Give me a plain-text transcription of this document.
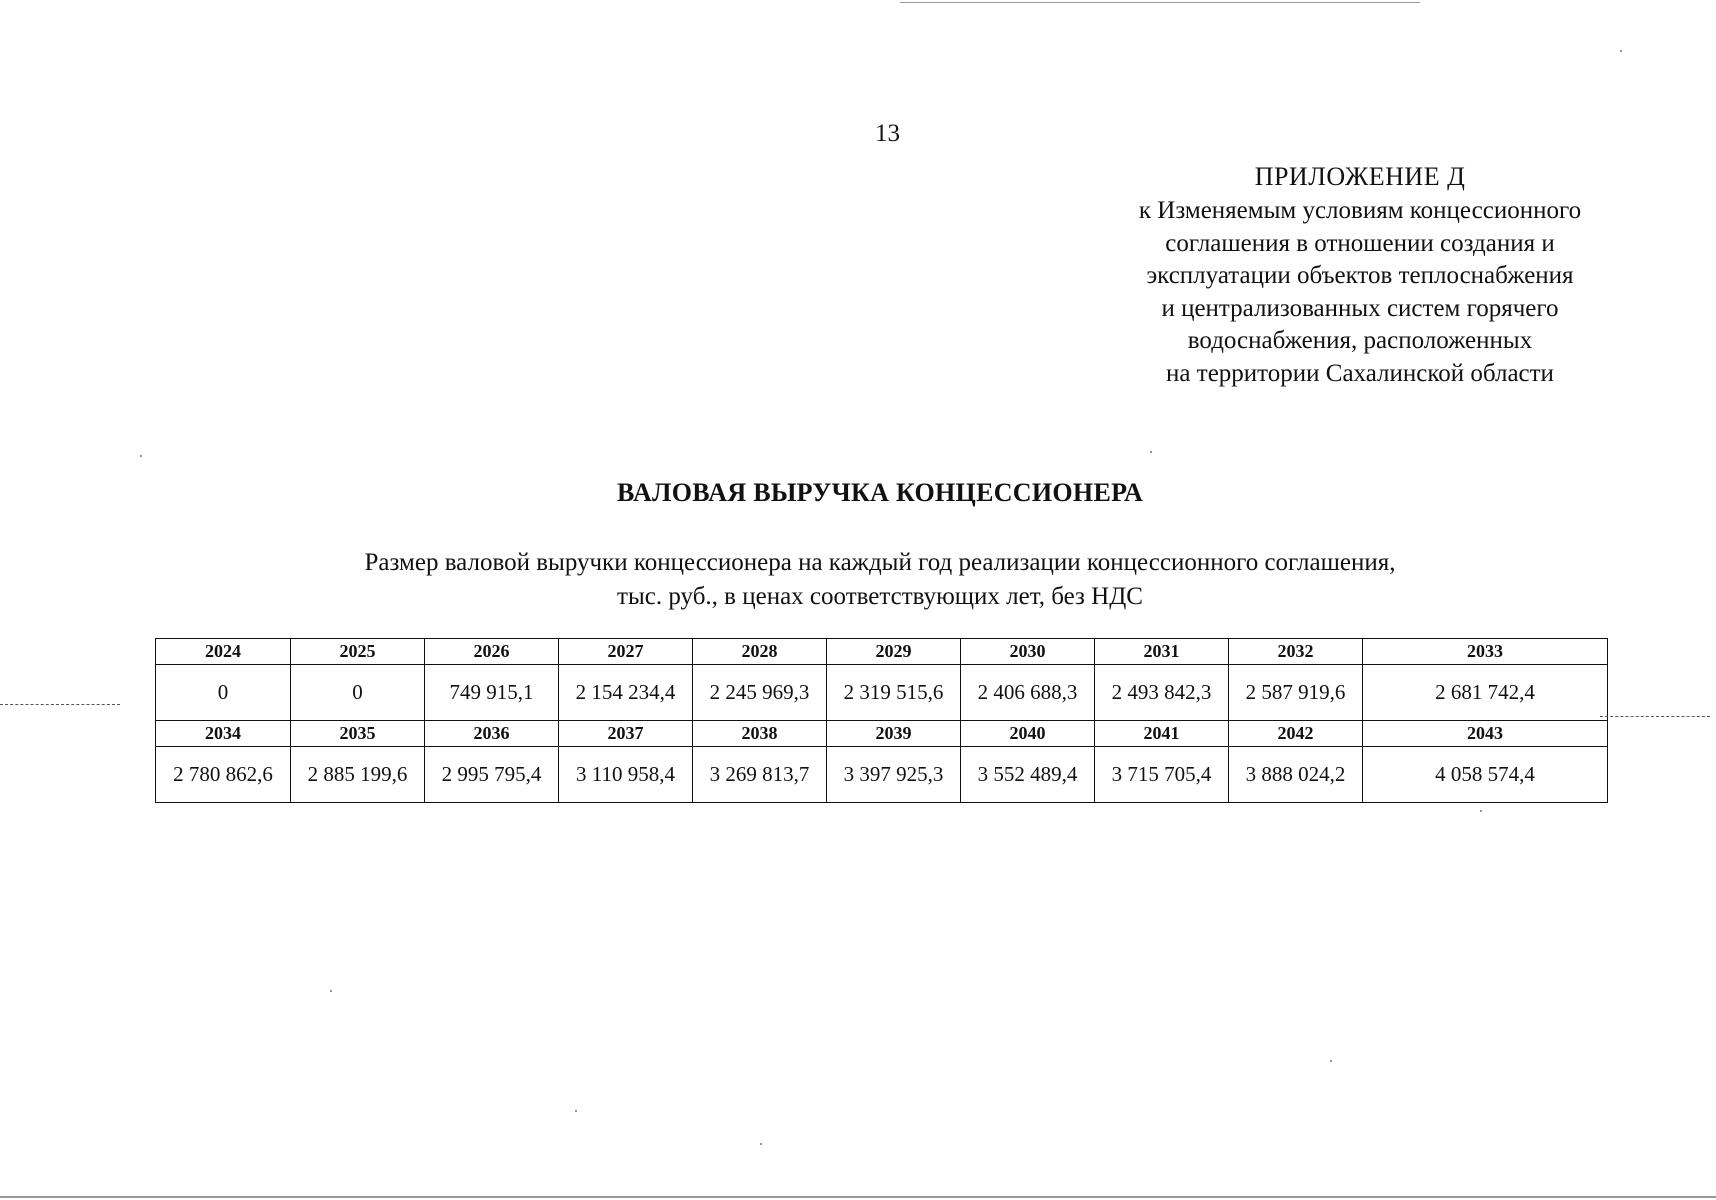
13
ПРИЛОЖЕНИЕ Д
к Изменяемым условиям концессионного
соглашения в отношении создания и
эксплуатации объектов теплоснабжения
и централизованных систем горячего
водоснабжения, расположенных
на территории Сахалинской области
ВАЛОВАЯ ВЫРУЧКА КОНЦЕССИОНЕРА
Размер валовой выручки концессионера на каждый год реализации концессионного соглашения,
тыс. руб., в ценах соответствующих лет, без НДС
2024	2025	2026	2027	2028	2029	2030	2031	2032	2033
0	0	749 915,1	2 154 234,4	2 245 969,3	2 319 515,6	2 406 688,3	2 493 842,3	2 587 919,6	2 681 742,4
2034	2035	2036	2037	2038	2039	2040	2041	2042	2043
2 780 862,6	2 885 199,6	2 995 795,4	3 110 958,4	3 269 813,7	3 397 925,3	3 552 489,4	3 715 705,4	3 888 024,2	4 058 574,4
